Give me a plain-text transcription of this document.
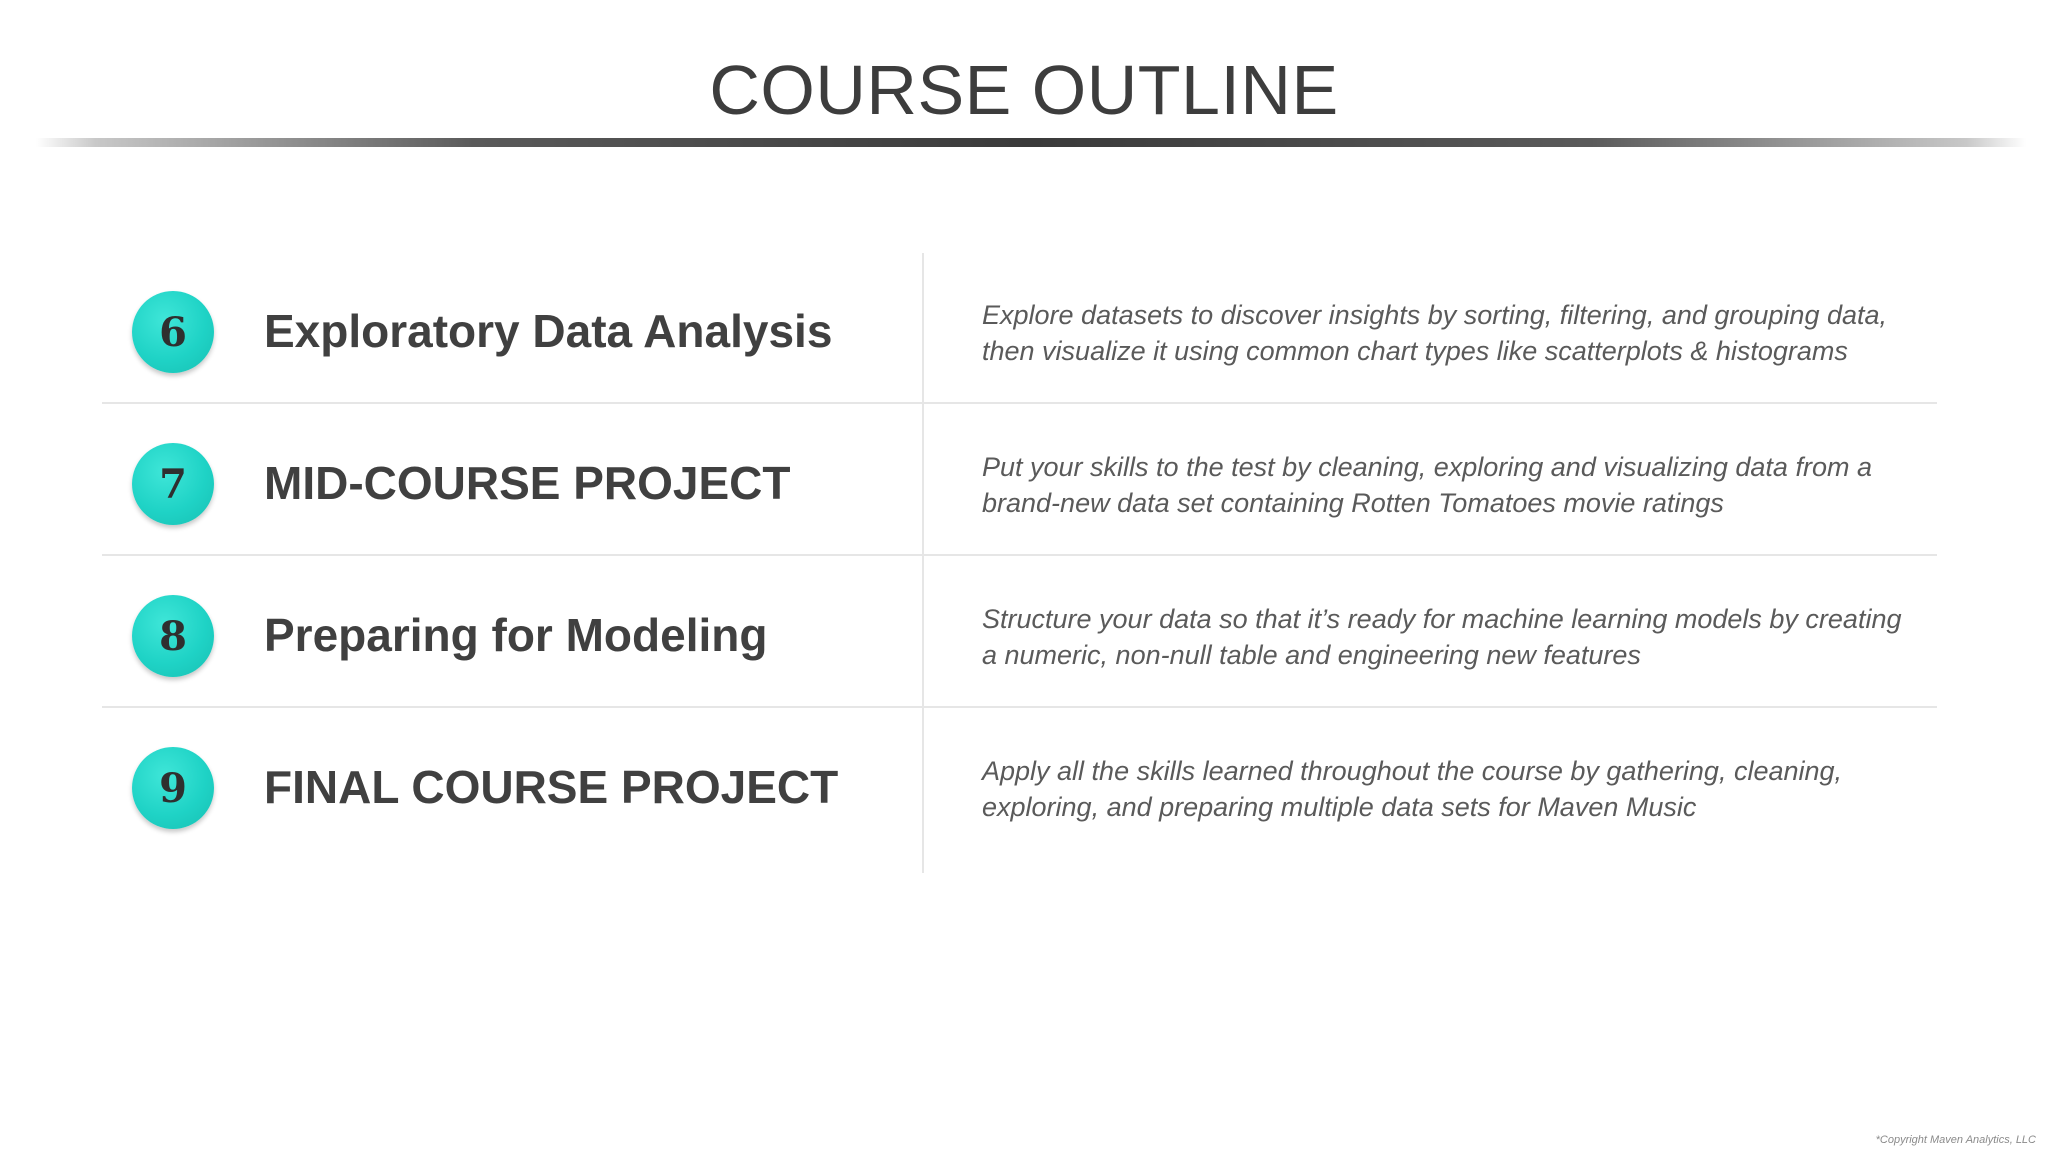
COURSE OUTLINE
6	Exploratory Data Analysis	Explore datasets to discover insights by sorting, filtering, and grouping data, then visualize it using common chart types like scatterplots & histograms
7	MID-COURSE PROJECT	Put your skills to the test by cleaning, exploring and visualizing data from a brand-new data set containing Rotten Tomatoes movie ratings
8	Preparing for Modeling	Structure your data so that it’s ready for machine learning models by creating a numeric, non-null table and engineering new features
9	FINAL COURSE PROJECT	Apply all the skills learned throughout the course by gathering, cleaning, exploring, and preparing multiple data sets for Maven Music
*Copyright Maven Analytics, LLC
